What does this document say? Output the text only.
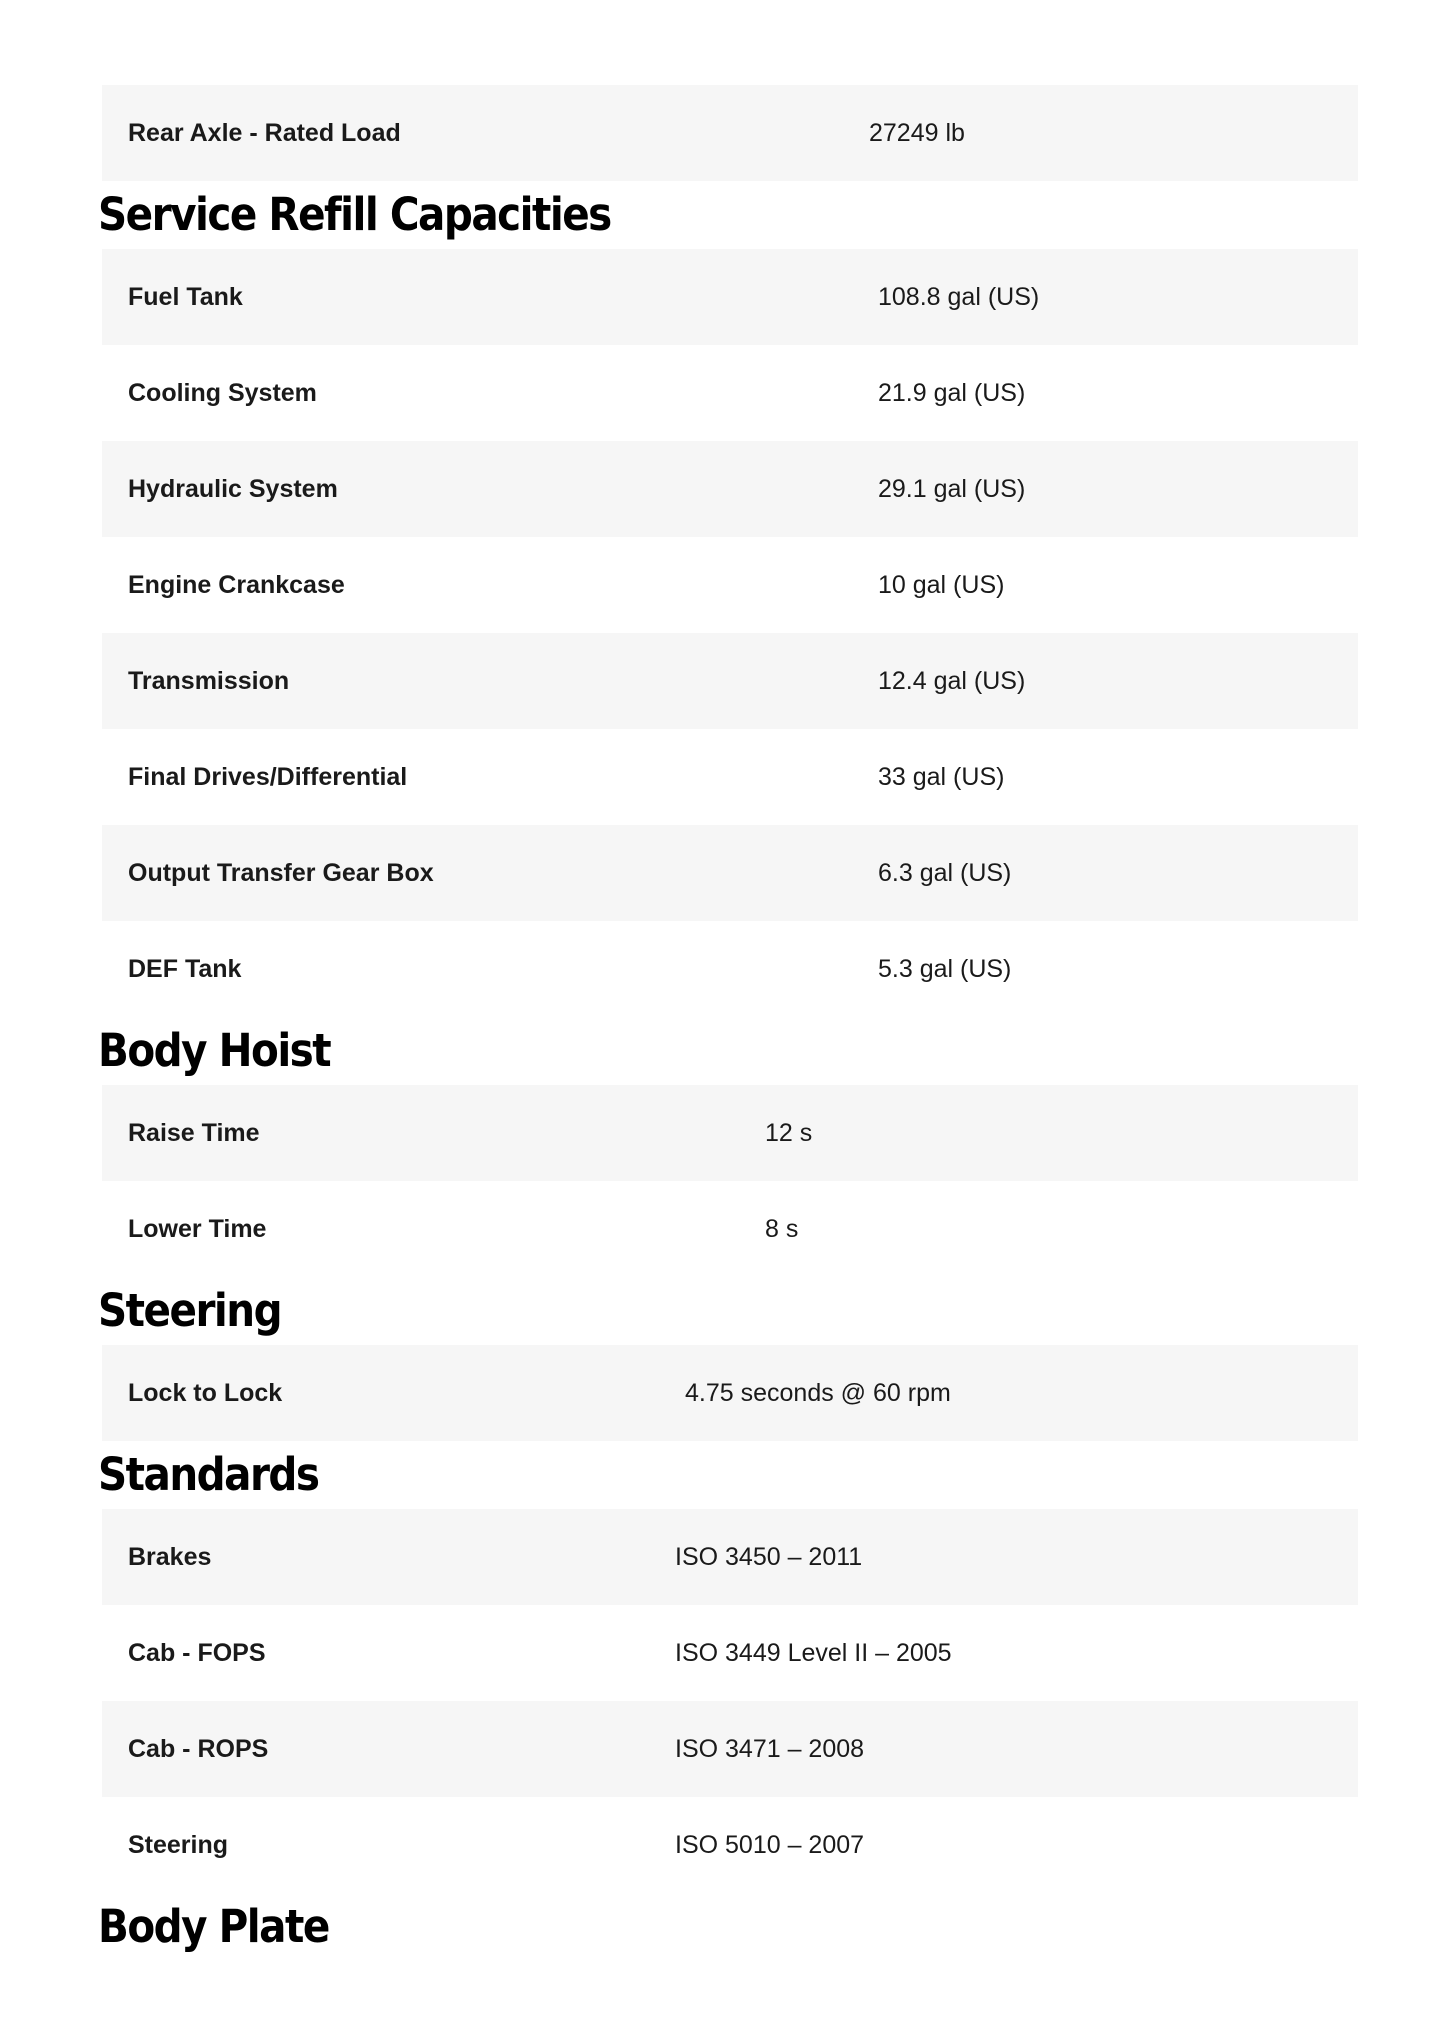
Rear Axle - Rated Load	27249 lb
Service Refill Capacities
Fuel Tank	108.8 gal (US)
Cooling System	21.9 gal (US)
Hydraulic System	29.1 gal (US)
Engine Crankcase	10 gal (US)
Transmission	12.4 gal (US)
Final Drives/Differential	33 gal (US)
Output Transfer Gear Box	6.3 gal (US)
DEF Tank	5.3 gal (US)
Body Hoist
Raise Time	12 s
Lower Time	8 s
Steering
Lock to Lock	4.75 seconds @ 60 rpm
Standards
Brakes	ISO 3450 – 2011
Cab - FOPS	ISO 3449 Level II – 2005
Cab - ROPS	ISO 3471 – 2008
Steering	ISO 5010 – 2007
Body Plate
